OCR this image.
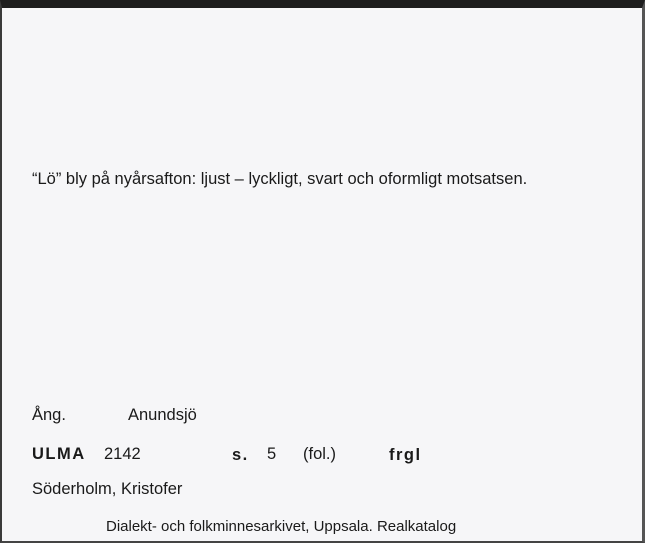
“Lö” bly på nyårsafton: ljust – lyckligt, svart och oformligt motsatsen.
Ång.	Anundsjö
ULMA 2142	s. 5 (fol.)	frgl
Söderholm, Kristofer
Dialekt- och folkminnesarkivet, Uppsala. Realkatalog
